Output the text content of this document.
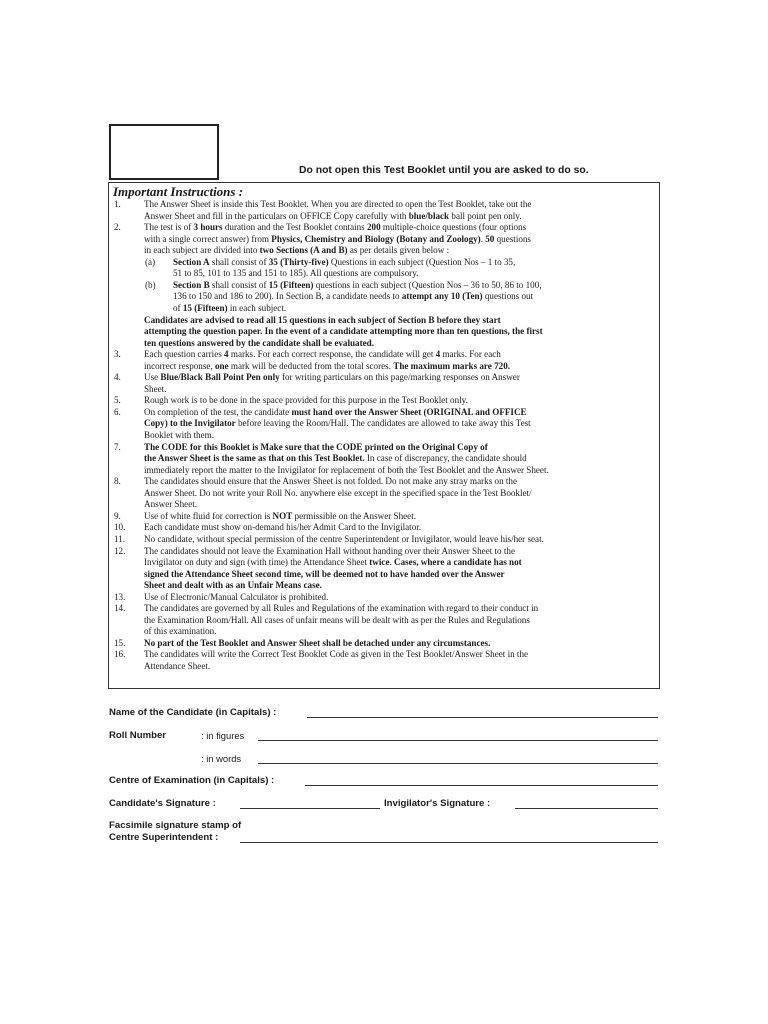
Do not open this Test Booklet until you are asked to do so.
Important Instructions :
1.	The Answer Sheet is inside this Test Booklet. When you are directed to open the Test Booklet, take out the
Answer Sheet and fill in the particulars on OFFICE Copy carefully with blue/black ball point pen only.
2.	The test is of 3 hours duration and the Test Booklet contains 200 multiple-choice questions (four options
with a single correct answer) from Physics, Chemistry and Biology (Botany and Zoology). 50 questions
in each subject are divided into two Sections (A and B) as per details given below :
(a) Section A shall consist of 35 (Thirty-five) Questions in each subject (Question Nos – 1 to 35,
51 to 85, 101 to 135 and 151 to 185). All questions are compulsory.
(b) Section B shall consist of 15 (Fifteen) questions in each subject (Question Nos – 36 to 50, 86 to 100,
136 to 150 and 186 to 200). In Section B, a candidate needs to attempt any 10 (Ten) questions out
of 15 (Fifteen) in each subject.
Candidates are advised to read all 15 questions in each subject of Section B before they start
attempting the question paper. In the event of a candidate attempting more than ten questions, the first
ten questions answered by the candidate shall be evaluated.
3.	Each question carries 4 marks. For each correct response, the candidate will get 4 marks. For each
incorrect response, one mark will be deducted from the total scores. The maximum marks are 720.
4.	Use Blue/Black Ball Point Pen only for writing particulars on this page/marking responses on Answer
Sheet.
5.	Rough work is to be done in the space provided for this purpose in the Test Booklet only.
6.	On completion of the test, the candidate must hand over the Answer Sheet (ORIGINAL and OFFICE
Copy) to the Invigilator before leaving the Room/Hall. The candidates are allowed to take away this Test
Booklet with them.
7.	The CODE for this Booklet is Make sure that the CODE printed on the Original Copy of
the Answer Sheet is the same as that on this Test Booklet. In case of discrepancy, the candidate should
immediately report the matter to the Invigilator for replacement of both the Test Booklet and the Answer Sheet.
8.	The candidates should ensure that the Answer Sheet is not folded. Do not make any stray marks on the
Answer Sheet. Do not write your Roll No. anywhere else except in the specified space in the Test Booklet/
Answer Sheet.
9.	Use of white fluid for correction is NOT permissible on the Answer Sheet.
10. Each candidate must show on-demand his/her Admit Card to the Invigilator.
11. No candidate, without special permission of the centre Superintendent or Invigilator, would leave his/her seat.
12. The candidates should not leave the Examination Hall without handing over their Answer Sheet to the
Invigilator on duty and sign (with time) the Attendance Sheet twice. Cases, where a candidate has not
signed the Attendance Sheet second time, will be deemed not to have handed over the Answer
Sheet and dealt with as an Unfair Means case.
13. Use of Electronic/Manual Calculator is prohibited.
14. The candidates are governed by all Rules and Regulations of the examination with regard to their conduct in
the Examination Room/Hall. All cases of unfair means will be dealt with as per the Rules and Regulations
of this examination.
15. No part of the Test Booklet and Answer Sheet shall be detached under any circumstances.
16. The candidates will write the Correct Test Booklet Code as given in the Test Booklet/Answer Sheet in the
Attendance Sheet.
Name of the Candidate (in Capitals) :
Roll Number	: in figures
: in words
Centre of Examination (in Capitals) :
Candidate's Signature :	Invigilator's Signature :
Facsimile signature stamp of
Centre Superintendent :
